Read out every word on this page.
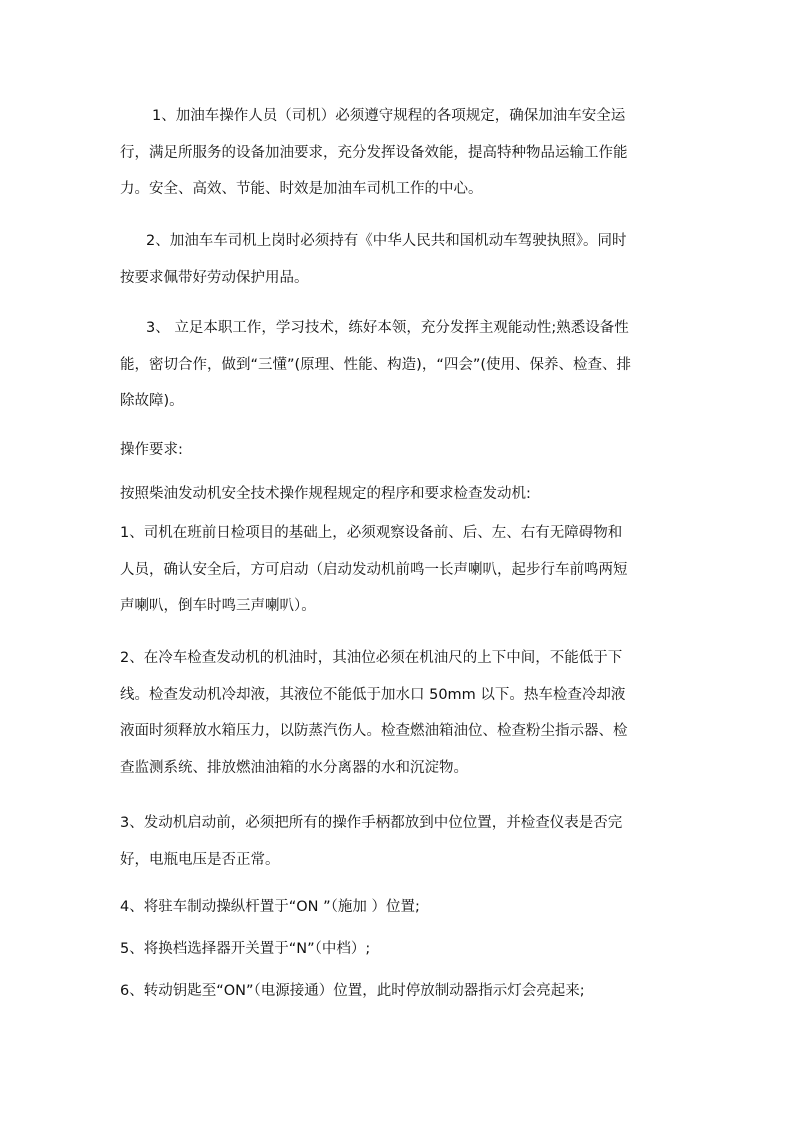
1、加油车操作人员（司机）必须遵守规程的各项规定，确保加油车安全运
行，满足所服务的设备加油要求，充分发挥设备效能，提高特种物品运输工作能
力。安全、高效、节能、时效是加油车司机工作的中心。

2、加油车车司机上岗时必须持有《中华人民共和国机动车驾驶执照》。同时
按要求佩带好劳动保护用品。

3、 立足本职工作，学习技术，练好本领，充分发挥主观能动性;熟悉设备性
能，密切合作，做到“三懂”(原理、性能、构造)，“四会”(使用、保养、检查、排
除故障)。

操作要求:

按照柴油发动机安全技术操作规程规定的程序和要求检查发动机:

1、司机在班前日检项目的基础上，必须观察设备前、后、左、右有无障碍物和
人员，确认安全后，方可启动（启动发动机前鸣一长声喇叭，起步行车前鸣两短
声喇叭，倒车时鸣三声喇叭）。

2、在冷车检查发动机的机油时，其油位必须在机油尺的上下中间，不能低于下
线。检查发动机冷却液，其液位不能低于加水口 50mm 以下。热车检查冷却液
液面时须释放水箱压力，以防蒸汽伤人。检查燃油箱油位、检查粉尘指示器、检
查监测系统、排放燃油油箱的水分离器的水和沉淀物。

3、发动机启动前，必须把所有的操作手柄都放到中位位置，并检查仪表是否完
好，电瓶电压是否正常。

4、将驻车制动操纵杆置于“ON ”（施加 ）位置;

5、将换档选择器开关置于“N”（中档）;

6、转动钥匙至“ON”（电源接通）位置，此时停放制动器指示灯会亮起来;
